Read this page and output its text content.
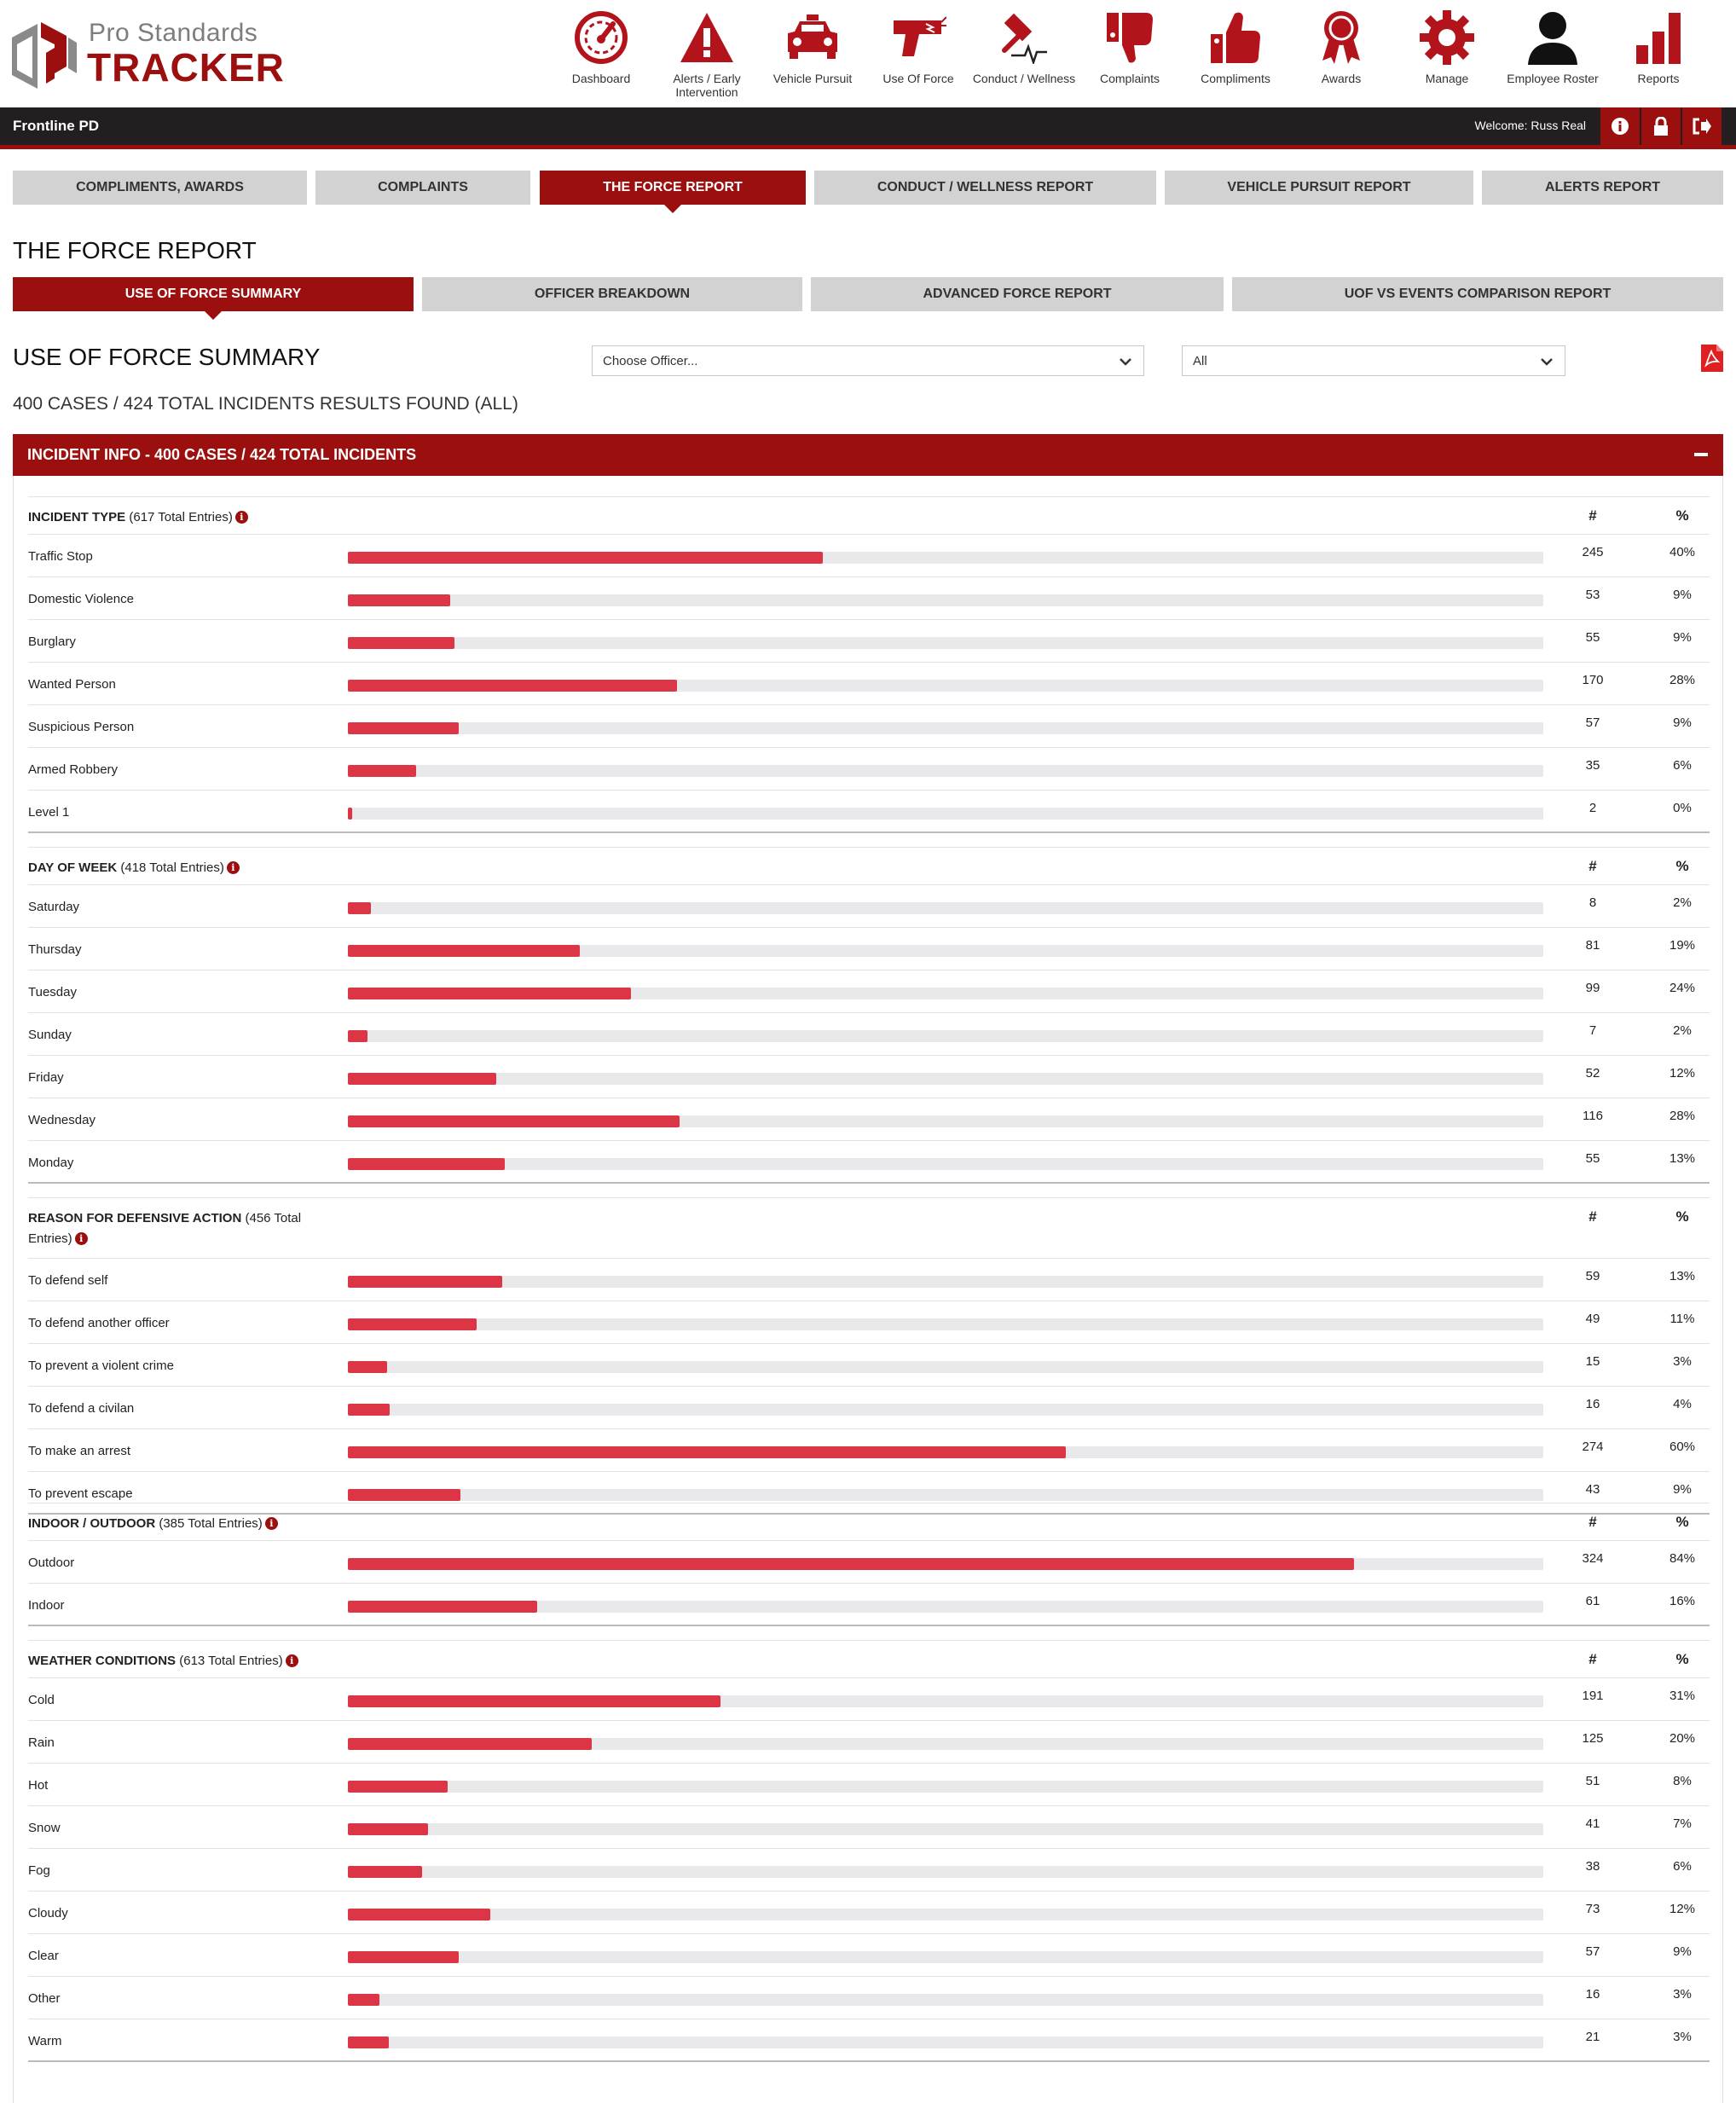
Pro Standards
TRACKER	Dashboard	Alerts / Early Intervention
Vehicle Pursuit	Use Of Force	Conduct / Wellness	Complaints	Compliments	Awards	Manage	Employee Roster	Reports
Frontline PD	Welcome: Russ Real
COMPLIMENTS, AWARDS	COMPLAINTS	THE FORCE REPORT	CONDUCT / WELLNESS REPORT	VEHICLE PURSUIT REPORT	ALERTS REPORT
THE FORCE REPORT
USE OF FORCE SUMMARY	OFFICER BREAKDOWN	ADVANCED FORCE REPORT	UOF VS EVENTS COMPARISON REPORT
USE OF FORCE SUMMARY	Choose Officer...	All
400 CASES / 424 TOTAL INCIDENTS RESULTS FOUND (ALL)
INCIDENT INFO - 400 CASES / 424 TOTAL INCIDENTS
INCIDENT TYPE (617 Total Entries) i	#	%
Traffic Stop	245	40%
Domestic Violence	53	9%
Burglary	55	9%
Wanted Person	170	28%
Suspicious Person	57	9%
Armed Robbery	35	6%
Level 1	2	0%
DAY OF WEEK (418 Total Entries) i	#	%
Saturday	8	2%
Thursday	81	19%
Tuesday	99	24%
Sunday	7	2%
Friday	52	12%
Wednesday	116	28%
Monday	55	13%
REASON FOR DEFENSIVE ACTION (456 Total Entries) i
#	%
To defend self	59	13%
To defend another officer	49	11%
To prevent a violent crime	15	3%
To defend a civilan	16	4%
To make an arrest	274	60%
To prevent escape	43	9%
INDOOR / OUTDOOR (385 Total Entries) i	#	%
Outdoor	324	84%
Indoor	61	16%
WEATHER CONDITIONS (613 Total Entries) i	#	%
Cold	191	31%
Rain	125	20%
Hot	51	8%
Snow	41	7%
Fog	38	6%
Cloudy	73	12%
Clear	57	9%
Other	16	3%
Warm	21	3%
